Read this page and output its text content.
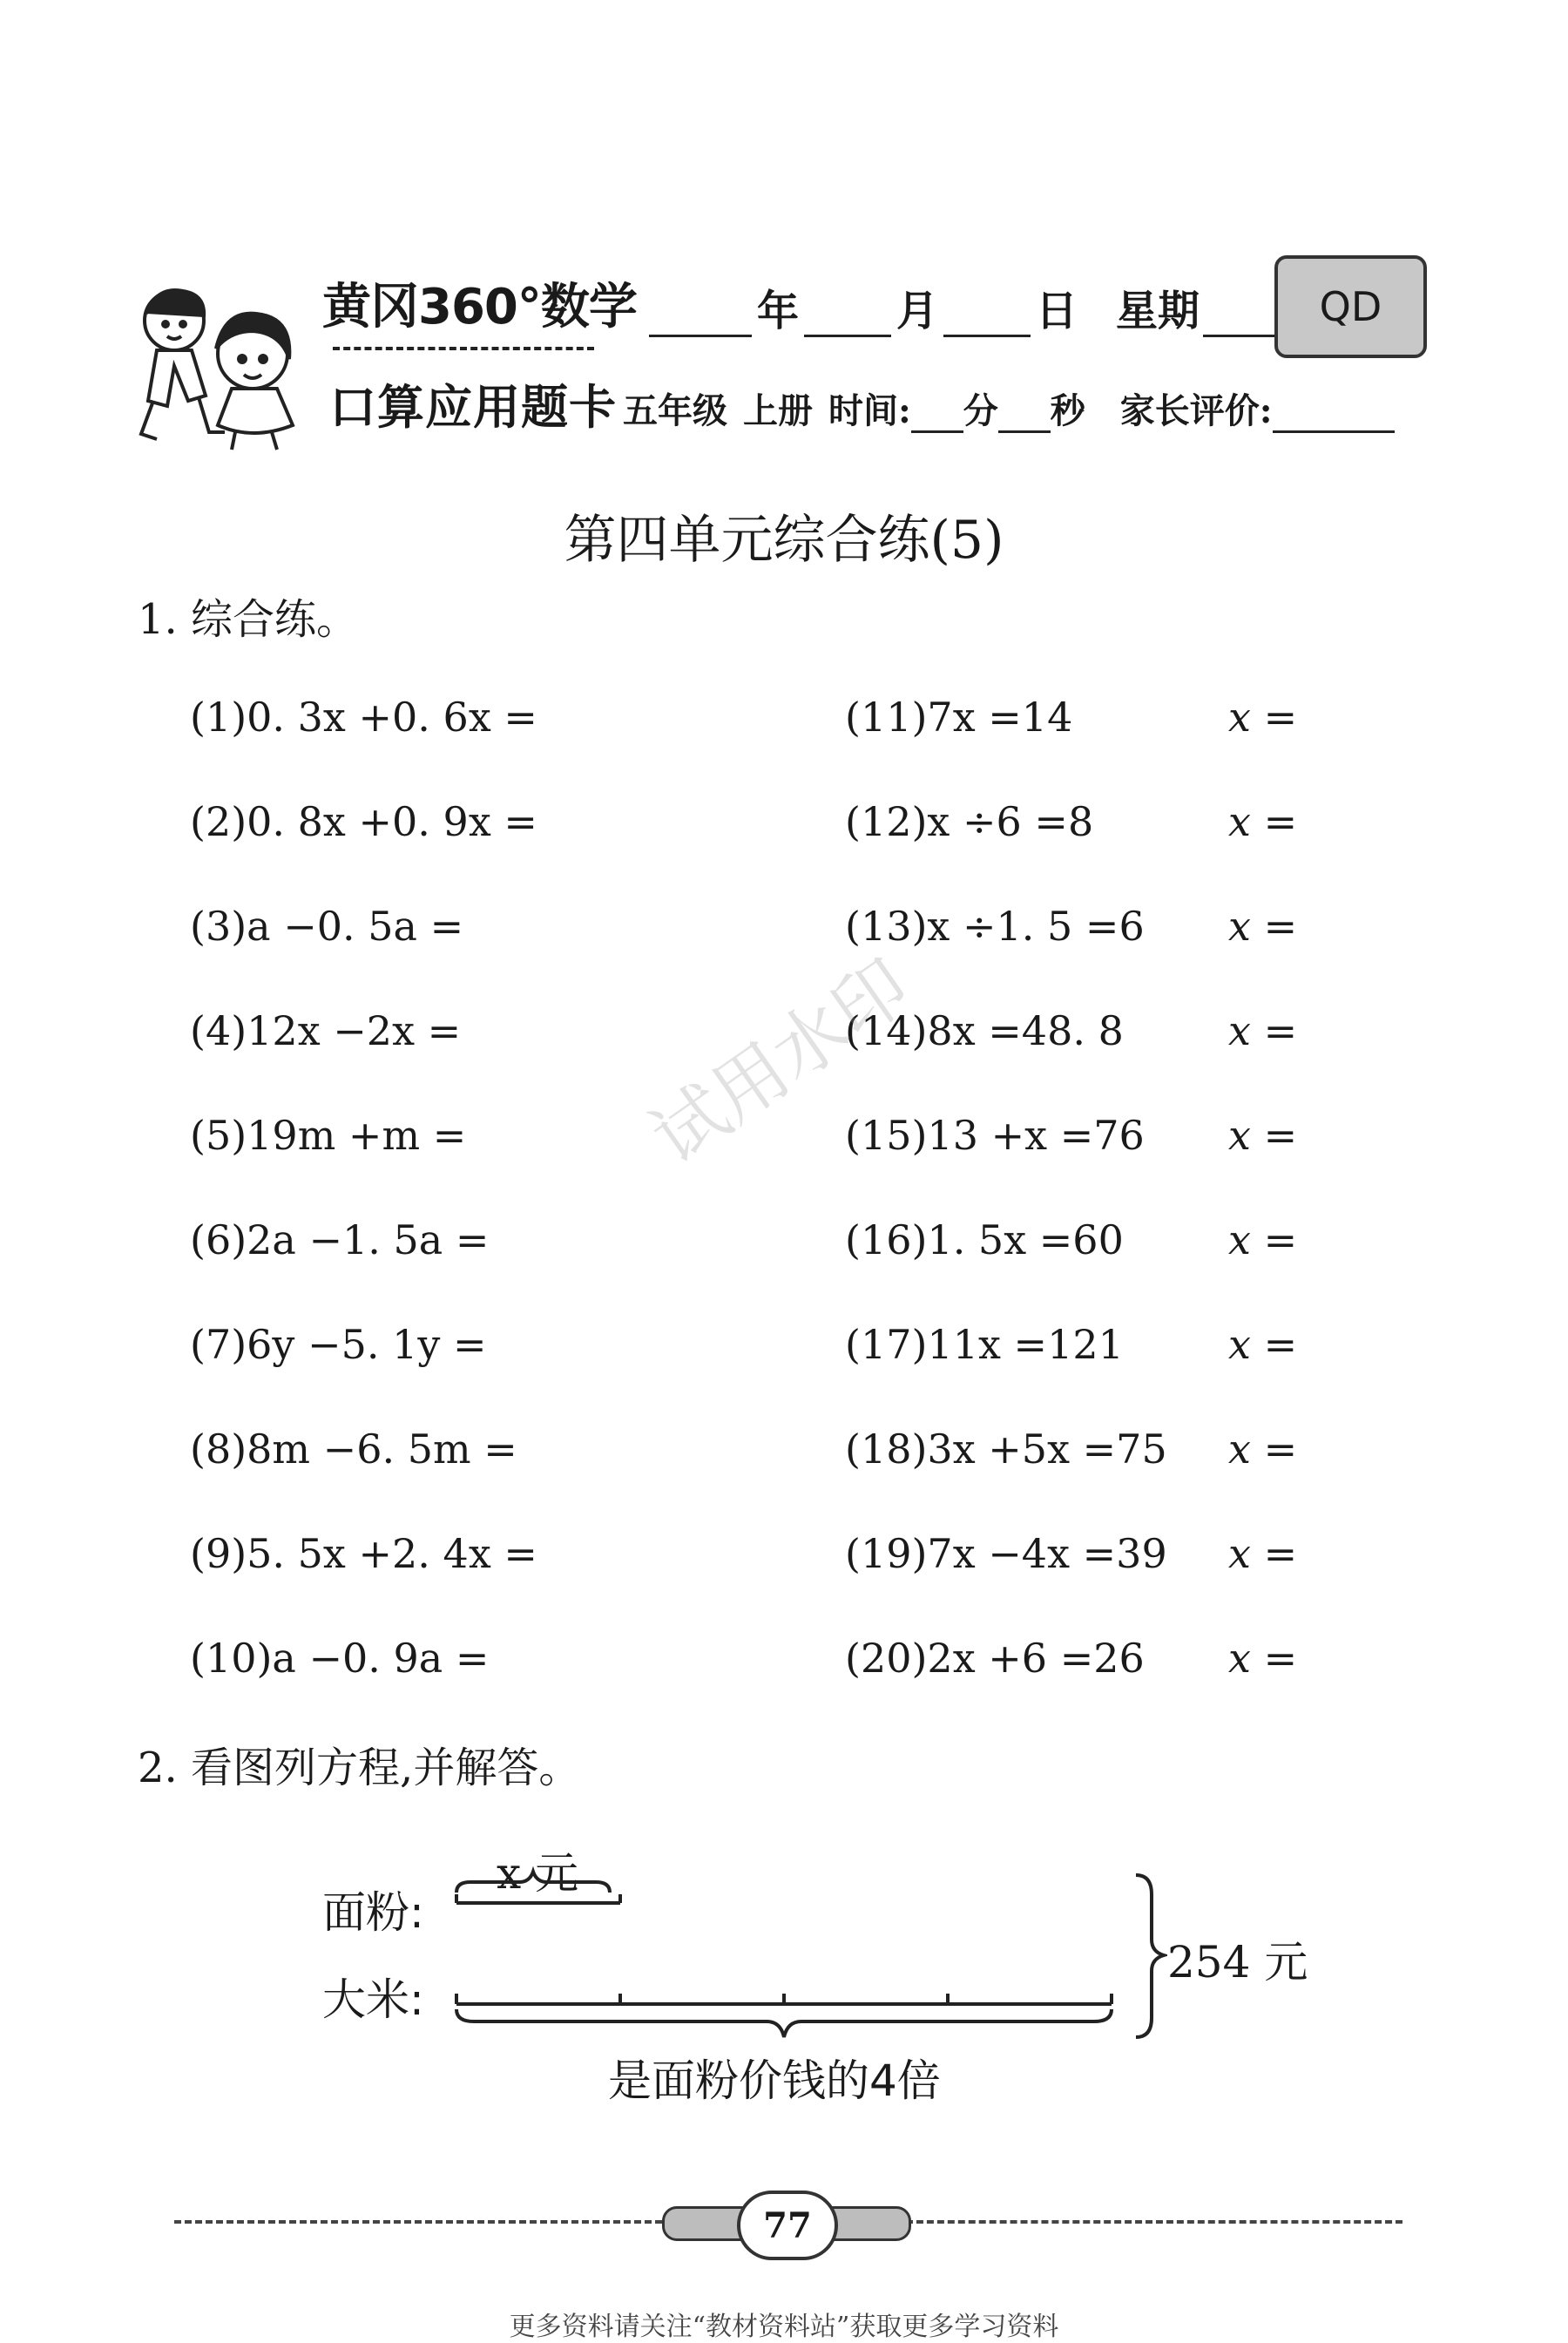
黄冈360°数学
口算应用题卡
年 月 日 星期	QD
五年级 上册 时间: 分 秒 家长评价:
第四单元综合练(5)
1. 综合练。
(1)0. 3x +0. 6x =
(2)0. 8x +0. 9x =
(3)a −0. 5a =
(4)12x −2x =
(5)19m +m =
(6)2a −1. 5a =
(7)6y −5. 1y =
(8)8m −6. 5m =
(9)5. 5x +2. 4x =
(10)a −0. 9a =
(11)7x =14
(12)x ÷6 =8
(13)x ÷1. 5 =6
(14)8x =48. 8
(15)13 +x =76
(16)1. 5x =60
(17)11x =121
(18)3x +5x =75
(19)7x −4x =39
(20)2x +6 =26
x =
x =
x =
x =
x =
x =
x =
x =
x =
x =
试用水印
2. 看图列方程,并解答。
面粉:
大米:
x 元
254 元
是面粉价钱的4倍
77
更多资料请关注“教材资料站”获取更多学习资料
